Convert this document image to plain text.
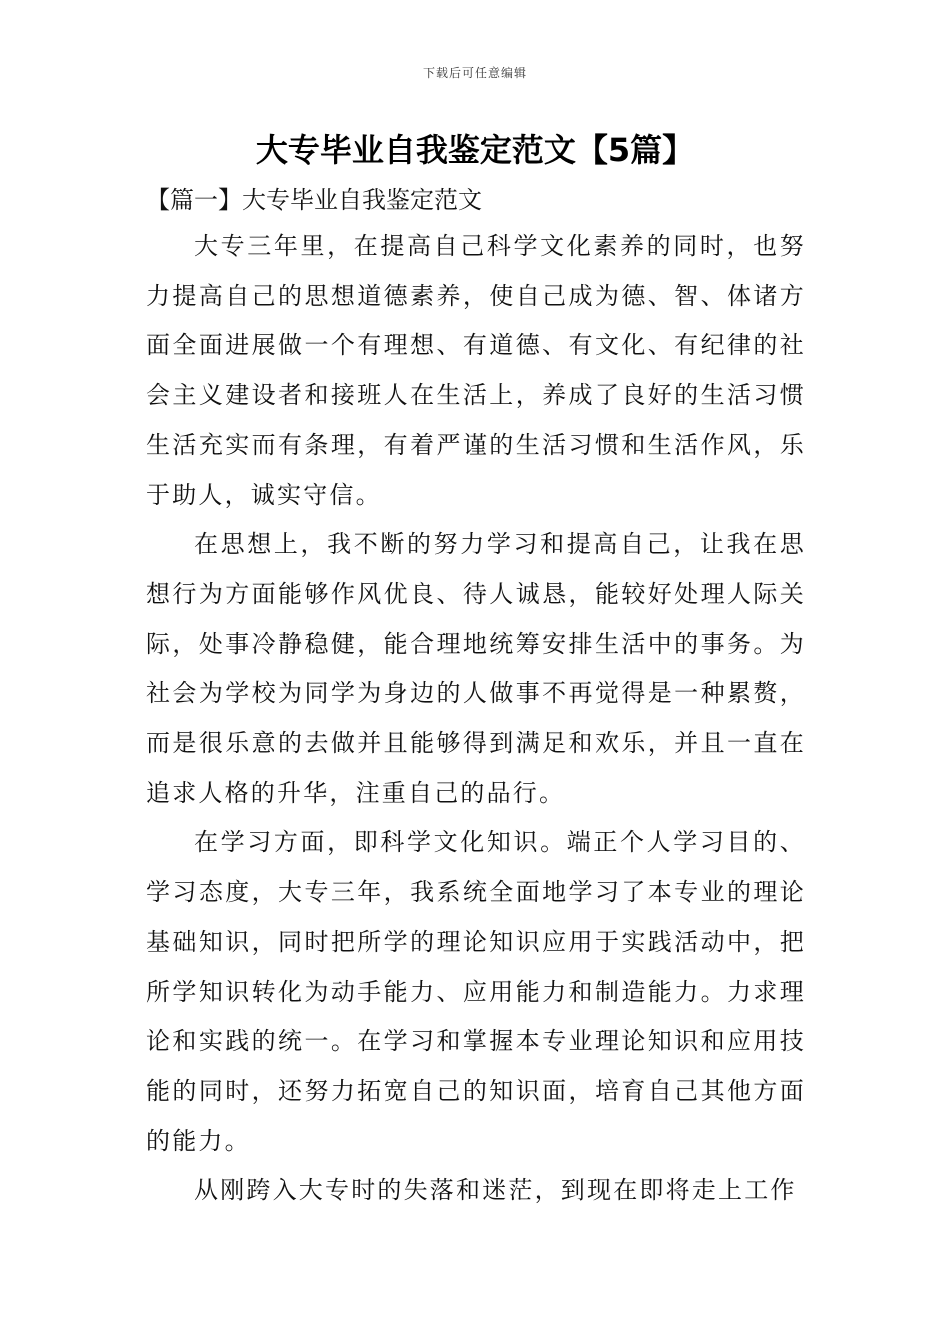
下载后可任意编辑
大专毕业自我鉴定范文【5篇】
【篇一】大专毕业自我鉴定范文

大专三年里，在提高自己科学文化素养的同时，也努力提高自己的思想道德素养，使自己成为德、智、体诸方面全面进展做一个有理想、有道德、有文化、有纪律的社会主义建设者和接班人在生活上，养成了良好的生活习惯生活充实而有条理，有着严谨的生活习惯和生活作风，乐于助人，诚实守信。

在思想上，我不断的努力学习和提高自己，让我在思想行为方面能够作风优良、待人诚恳，能较好处理人际关际，处事冷静稳健，能合理地统筹安排生活中的事务。为社会为学校为同学为身边的人做事不再觉得是一种累赘，而是很乐意的去做并且能够得到满足和欢乐，并且一直在追求人格的升华，注重自己的品行。

在学习方面，即科学文化知识。端正个人学习目的、学习态度，大专三年，我系统全面地学习了本专业的理论基础知识，同时把所学的理论知识应用于实践活动中，把所学知识转化为动手能力、应用能力和制造能力。力求理论和实践的统一。在学习和掌握本专业理论知识和应用技能的同时，还努力拓宽自己的知识面，培育自己其他方面的能力。

从刚跨入大专时的失落和迷茫，到现在即将走上工作
